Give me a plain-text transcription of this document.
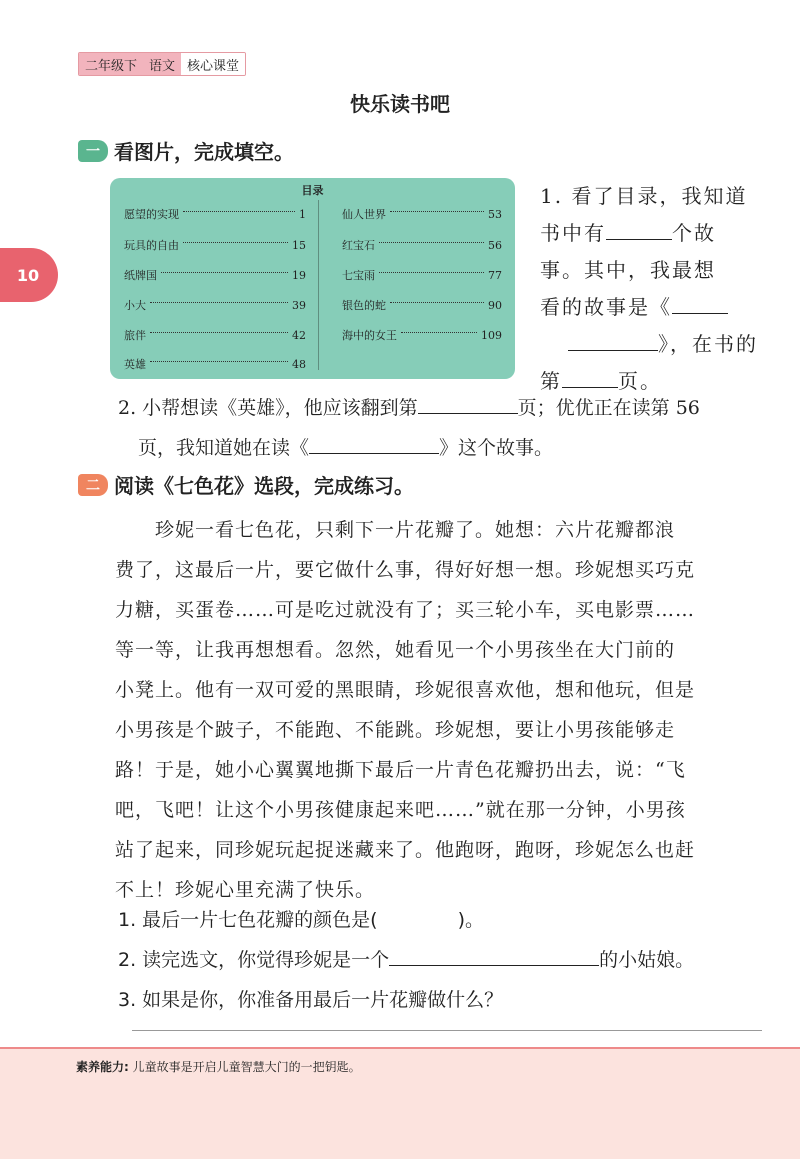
二年级下 语文 核心课堂
快乐读书吧
10
一 看图片，完成填空。
目录
愿望的实现	1
玩具的自由	15
纸牌国	19
小大	39
旅伴	42
英雄	48
仙人世界	53
红宝石	56
七宝雨	77
银色的蛇	90
海中的女王	109
1. 看了目录，我知道
书中有	个故
事。其中，我最想
看的故事是《
》，在书的
第	页。
2. 小帮想读《英雄》，他应该翻到第	页；优优正在读第 56
页，我知道她在读《	》这个故事。
二 阅读《七色花》选段，完成练习。
　　珍妮一看七色花，只剩下一片花瓣了。她想：六片花瓣都浪
费了，这最后一片，要它做什么事，得好好想一想。珍妮想买巧克
力糖，买蛋卷……可是吃过就没有了；买三轮小车，买电影票……
等一等，让我再想想看。忽然，她看见一个小男孩坐在大门前的
小凳上。他有一双可爱的黑眼睛，珍妮很喜欢他，想和他玩，但是
小男孩是个跛子，不能跑、不能跳。珍妮想，要让小男孩能够走
路！于是，她小心翼翼地撕下最后一片青色花瓣扔出去，说：“飞
吧，飞吧！让这个小男孩健康起来吧……”就在那一分钟，小男孩
站了起来，同珍妮玩起捉迷藏来了。他跑呀，跑呀，珍妮怎么也赶
不上！珍妮心里充满了快乐。
1. 最后一片七色花瓣的颜色是(	)。
2. 读完选文，你觉得珍妮是一个	的小姑娘。
3. 如果是你，你准备用最后一片花瓣做什么？
素养能力: 儿童故事是开启儿童智慧大门的一把钥匙。
